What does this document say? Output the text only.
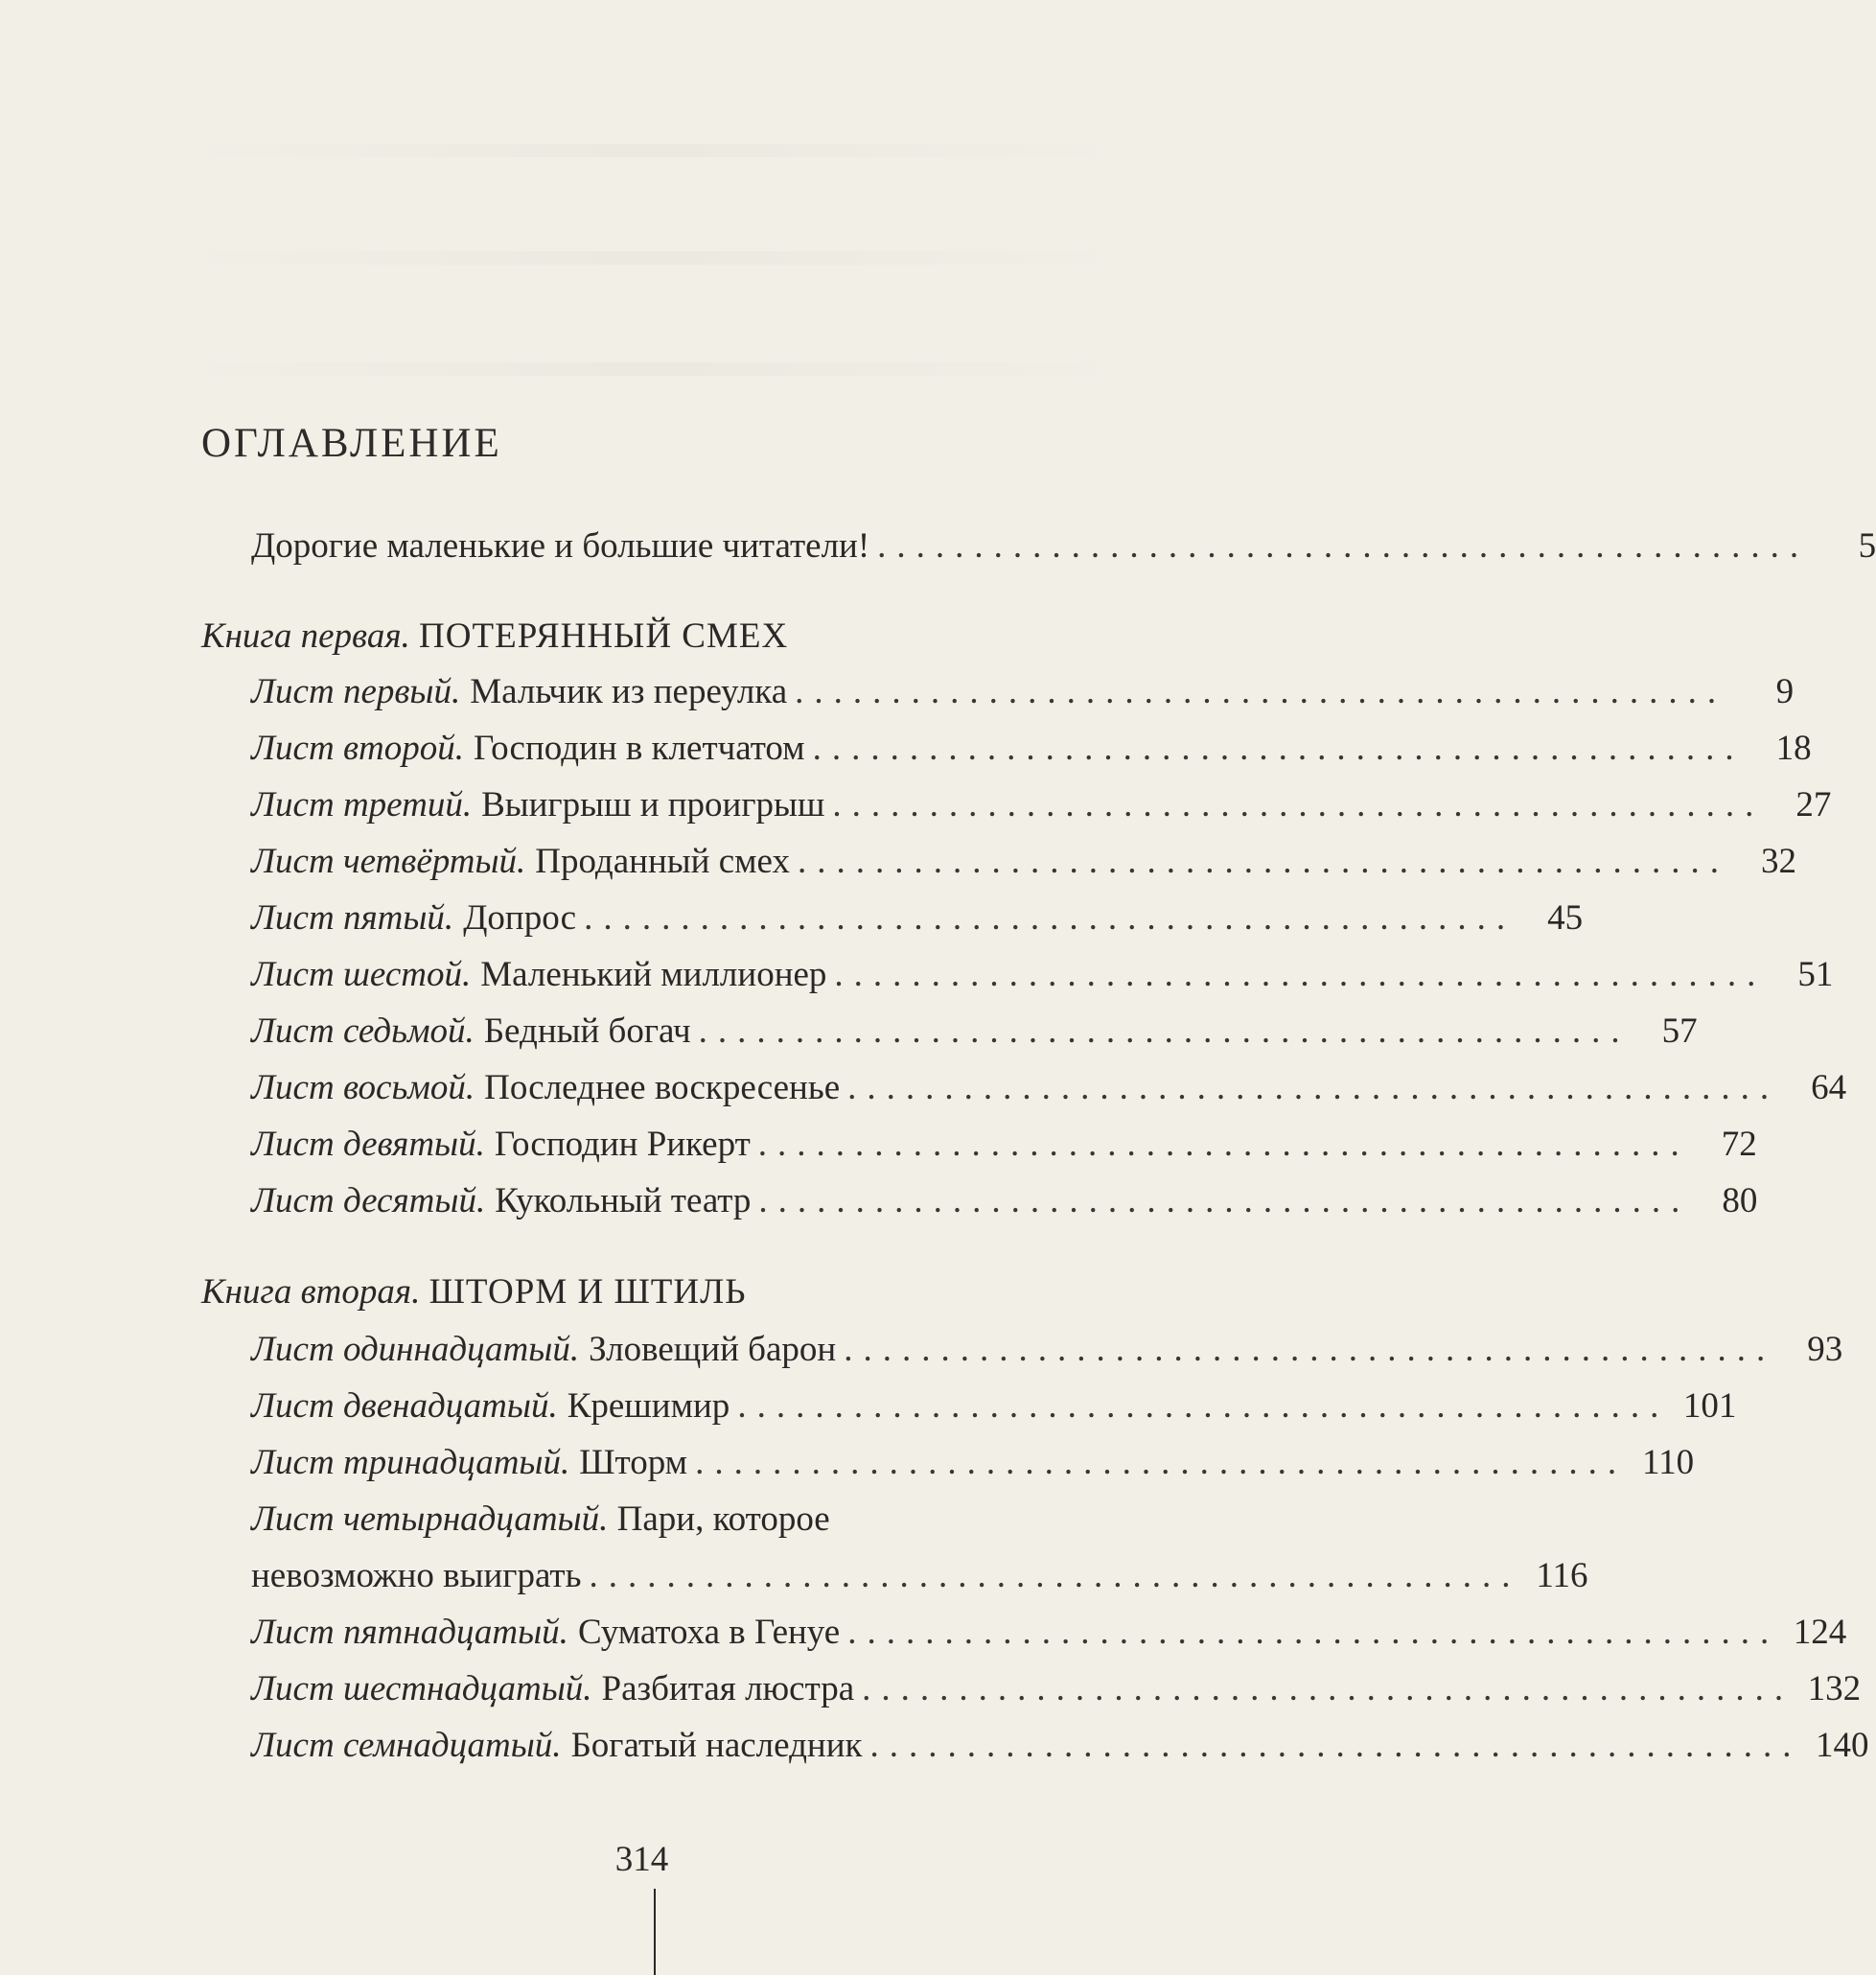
ОГЛАВЛЕНИЕ
Дорогие маленькие и большие читатели! ................................................	5
Книга первая. ПОТЕРЯННЫЙ СМЕХ
Лист первый. Мальчик из переулка ................................................	9
Лист второй. Господин в клетчатом ................................................ 18
Лист третий. Выигрыш и проигрыш ................................................ 27
Лист четвёртый. Проданный смех ................................................ 32
Лист пятый. Допрос ................................................ 45
Лист шестой. Маленький миллионер ................................................ 51
Лист седьмой. Бедный богач ................................................ 57
Лист восьмой. Последнее воскресенье ................................................ 64
Лист девятый. Господин Рикерт ................................................ 72
Лист десятый. Кукольный театр ................................................ 80
Книга вторая. ШТОРМ И ШТИЛЬ
Лист одиннадцатый. Зловещий барон ................................................ 93
Лист двенадцатый. Крешимир ................................................ 101
Лист тринадцатый. Шторм ................................................ 110
Лист четырнадцатый. Пари, которое
невозможно выиграть ................................................ 116
Лист пятнадцатый. Суматоха в Генуе ................................................ 124
Лист шестнадцатый. Разбитая люстра ................................................ 132
Лист семнадцатый. Богатый наследник ................................................ 140
314
